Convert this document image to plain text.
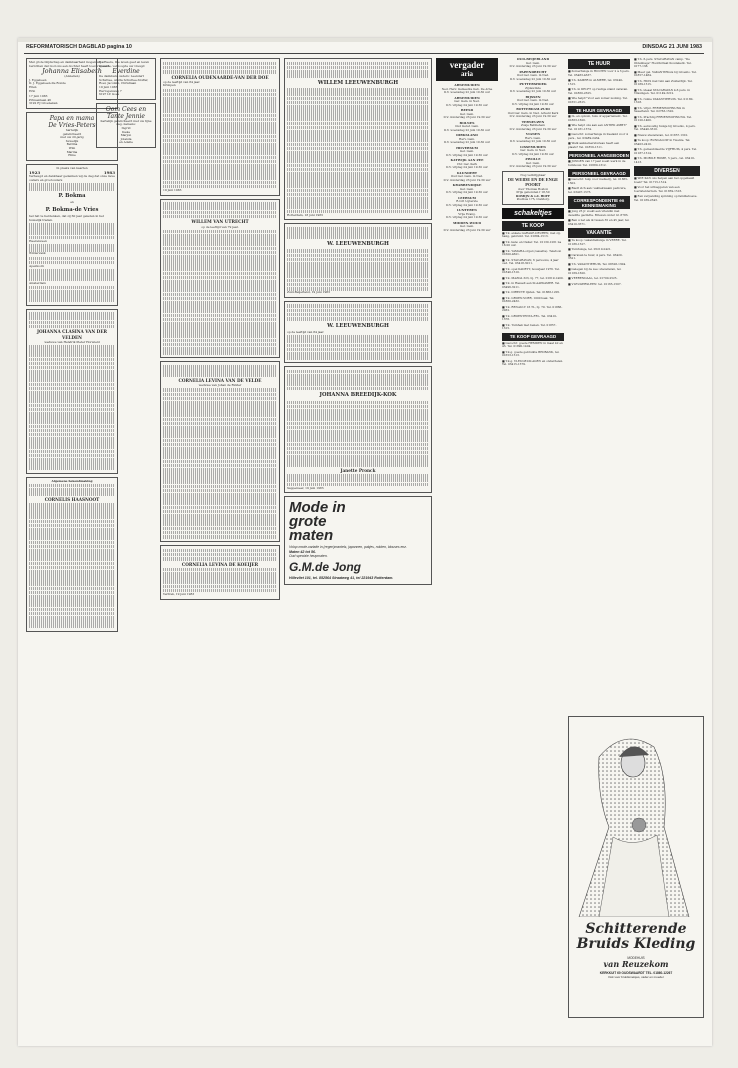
REFORMATORISCH DAGBLAD pagina 10	DINSDAG 21 JUNI 1983
Met grote blijdschap en dankbaarheid mogen wij u berichten dat God ons een dochter heeft toevertrouwd.
Johanna Elisabeth
(Annelien)
J. Eggebeen
D. J. Eggebeen-De Ronde
Ellen
Erin
17 juni 1983
Prinsenlaan 46
3192 EJ Groenekan
Papa en mama
De Vries-Peters
hartelijk
gefeliciteerd
met uw 20-jarig
huwelijk
Bettina
Wim
Marina
Eline
In plaats van kaarten
1923	1983
Verheugd en dankbaar gedenken wij de dag dat onze lieve ouders en grootouders
P. Bokma
en
P. Bokma-de Vries
het feit te herdenken, dat zij 60 jaar geleden in het huwelijk traden.
Heerenveen
Wildervank
Apeldoorn
Amsterdam
JOHANNA CLASINA VAN DER VELDEN
weduwe van Hendrik Pieter Horwield
Algemene bekendmaking
CORNELIS HAASNOOT
De Heere, Die leven geef en leven spaarde, verhoogde uw vreugd
Everdine
De dankbare ouders: Leendert Schuttee, Aletta Schuttee-Stoffer, Roel, Jacomin, Christiaan
19 juni 1983
Hertogenweg 7
6197 LV Goes
Oom Cees en Tante Jennie
hartelijk gefeliciteerd met uw fijne dag, namens:
Ingrid
Ineke
Marjon
Jolanda
en Adelle
CORNELIA OUDENAARDE-VAN DER DOE
op de leeftijd van 84 jaar.
Krimpen
19 juni 1983
WILLEM VAN UTRECHT
op de leeftijd van 79 jaar.
CORNELIA LEVINA VAN DE VELDE
weduwe van Johan de Ridder
CORNELIA LEVINA DE KOEIJER
Vertrek, 19 juni 1983
WILLEM LEEUWENBURGH
Rotterdam, 18 juni 1983
W. LEEUWENBURGH
Zuid-Beijerland, 19 juni 1983
W. LEEUWENBURGH
op de leeftijd van 84 jaar.
JOHANNA BREEDIJK-KOK
Janette Pronck
Sappemeer, 19 juni 1983
Mode in
grote
maten
Volop mode-variatie in (regen)mantels, japonnen, pakjes, rokken, blouses enz.
Maten 42 tot 56.
Oud speciale heupmaten.
G.M.de Jong
Hillevliet 101, tel. 852564 Straatweg 41, tel 221943 Rotterdam.
vergader
aria
ARNEMUIDEN
Ned. Herv. Gemeente Geb. De Arne
D.V. woensdag 22 juni 19.30 uur
ARNEMUIDEN
Ger. Gem. in Ned.
D.V. vrijdag 24 juni 19.30 uur
BEESD
Ger. Gem.
D.V. donderdag 23 juni 19.30 uur
BOLNES
Oud Geref. Gem.
D.V. woensdag 22 juni 19.30 uur
DIRKSLAND
Herv. Gem.
D.V. woensdag 22 juni 19.30 uur
HILVERSUM
Ger. Gem.
D.V. vrijdag 24 juni 19.30 uur
KATWIJK AAN ZEE
Chr. Ger. Kerk
D.V. vrijdag 24 juni 19.30 uur
KLUNDERT
Oud Ger. Gem. in Ned.
D.V. donderdag 23 juni 19.30 uur
KRABBENDIJKE
Ger. Gem.
D.V. vrijdag 24 juni 19.30 uur
LEERSUM
R.O.P. Ugterste
D.V. vrijdag 24 juni 19.30 uur
LUNTEREN
Vrije Evang.
D.V. vrijdag 24 juni 19.30 uur
MIDDEN-WOUD
Ger. Gem.
D.V. donderdag 23 juni 19.30 uur
OUD-BEIJERLAND
Ger. Gem.
D.V. donderdag 23 juni 19.30 uur
PAPENDRECHT
Oud Ger. Gem. in Ned.
D.V. woensdag 22 juni 19.30 uur
PUTTERSHOEK
Zijdewinde
D.V. woensdag 22 juni 19.30 uur
RIJSSEN
Oud Ger. Gem. in Ned.
D.V. vrijdag 24 juni 19.30 uur
ROTTERDAM-ZUID
Oud Ger. Gem. in Ned. Advent Kerk
D.V. donderdag 23 juni 19.30 uur
TERNEUZEN
Zusje Bethlehem
D.V. donderdag 23 juni 19.30 uur
VIANEN
Herv. Gem.
D.V. woensdag 22 juni 19.30 uur
LISSEMUIDEN
Ger. Gem. in Ned.
D.V. vrijdag 24 juni 19.30 uur
ZWOLLE
Ger. Gem.
D.V. donderdag 23 juni 19.30 uur
Nog verkrijgbaar
DE WEIDE EN DE ENGE POORT
door Thomas Boston
Prijs gebonden f 18,50
ROMIJN & v.d. HOFF
Postbus 175, Ouddorp
schakeltjes
TE KOOP
■ T.k. enkele GARAGE-DEUREN, met zij-hang, gebruikt. Tel. 01884-1513.
■ T.k. kano en trailer. Tel. 01130-1261 na 18.00 uur.
■ T.k. YAMAHA-orgel (cassette). Telefoon 01600-4621.
■ T.k. STACARAVAN, 6 persoons, 4 jaar oud. Tel. 03418-3011.
■ T.k. opel KADETT, bouwjaar 1976. Tel. 01840-1510.
■ T.k. MAZDA 323, bj. 77, tel. 01619-1400.
■ T.k. in Hasselt een SLAAPKAMER. Tel. 03496-3211.
■ T.k. DIRECTE lijsten. Tel. 01866-1205.
■ T.k. GROEN-VOER, 1000 baal. Tel. 01860-2432.
■ T.k. RENAULT 16 TL, bj. 79. Tel. 01866-2032.
■ T.k. GROENTENTA-FEL. Tel. 03410-1376.
■ T.k. Tuinhek met benen. Tel. 01857-1315.
TE KOOP GEVRAAGD
■ Gezocht: goede HEMDEN in maat 42 en 43. Tel. 01890-1404.
■ T.k.g. goede gebruikte BEDBANK, tel. 01653-1513.
■ T.k.g. VLEUGELSLAGEN en onderdelen. Tel. 03415-1579.
TE HUUR
■ Zomerhuisje in HOLTEN voor 2 à 3 pers. Tel. 05483-4337.
■ T.h. KAMER in ALMERE, tel. 03240-1515.
■ T.h. in DELFT op rustige stand caravan. Tel. 01860-2325.
■ Wie helpt? Voor een zomer-woning. Tel. 01651-2615.
TE HUUR GEVRAAGD
■ In- en opkom, huis of appartement. Tel. 01863-1620.
■ Wie helpt ons aan een ANTIEK AMBT? Tel. 01181-1574.
■ Gezocht: zomerhuisje in Zeeland voor 4 pers., tel. 03489-2434.
■ Welk aannemersbureau heeft een plaats? Tel. 01859-1511.
PERSONEEL AANGEBODEN
■ JONGEN van 17 jaar zoekt werk in de tuinbouw. Tel. 01680-1312.
PERSONEEL GEVRAAGD
■ Gezocht: hulp voor melkerij, tel. 01865-1502.
■ Biedt zich aan: vakbekwaam pedicure, tel. 03407-1573.
CORRESPONDENTIE en KENNISMAKING
■ Jong 25 jr. zoekt een vriendin met dezelfde gezindte. Brieven onder nr. 8783.
■ Ben u net als ik tussen 35 en 45 jaar, tel. 03410-3571.
VAKANTIE
■ Te koop: vakantiehuisje in VEERE. Tel. 01186-1527.
■ Tuinhuisje, tel. 05210-2421.
■ Caravan te huur, 4 pers. Tel. 03420-3521.
■ T.h. VAKANTIEHUIS, Tel. 08326-1304.
■ Gelegen bij de zee: stacaravan, tel. 01169-1620.
■ VEERENDAAL, tel. 01700-2525.
■ VLEUGERSLEEN: tel. 01165-1507.
■ T.h. 6-pers. STACARAVAN camp. "De Oldenhage" Hoofdstraat Koudekerk. Tel. 0177-138.
■ Meer gel. VAKANTIEhuis bij Groenlo. Tel. 01857-1484.
■ T.h. HUIS met tuin aan Zuiderdijk. Tel. 01189-1515.
■ T.h. ideaal STACARAVAN 4-6 pers. in Vlissingen. Tel. 01149-3212.
■ T.h. ruime VAKANTIEHUIS. Tel. 01180-1318.
■ T.h. vrijst. FERIENWOHNUNG in Sauerland. Tel. 02763-1520.
■ T.h. Prachtig FERIENWOHNUNG. Tel. 01120-1400.
■ T.h. eenvoudig huisje bij Groenlo, 4 pers. Tel. 05440-3310.
■ Nieuw stacaravan, tel. 01857-1310.
■ Te koop: BUNGALOW in Twente. Tel. 05403-2410.
■ T.h. gemeubileerde VIJFHUIS, 4 pers. Tel. 01187-1514.
■ T.h. MOBILE HOME, 5 pers., tel. 03410-1413.
DIVERSEN
■ WIE KAN ons helpen aan het opgehaald boek? Tel. 01715-1514.
■ Voor het uitbaggeren van een toeristenterrein. Tel. 01859-1516.
■ Een verpanding spinning op familiehoeve. Tel. 01189-2343.
Schitterende
Bruids Kleding
MODEHUIS
van Reuzekom
KERKKUIT 60 OUDSWAARDT TEL. 01860-12267
Ook voor bruidsmeisjes, vader en moeder
